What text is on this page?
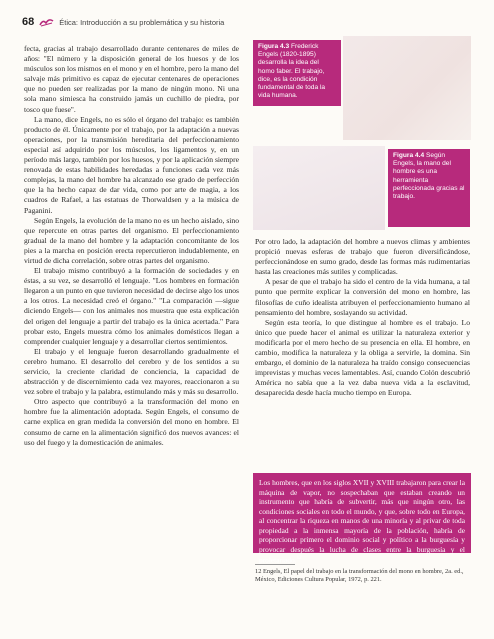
68	Ética: Introducción a su problemática y su historia

fecta, gracias al trabajo desarrollado durante centenares de miles de años: "El número y la disposición general de los huesos y de los músculos son los mismos en el mono y en el hombre, pero la mano del salvaje más primitivo es capaz de ejecutar centenares de operaciones que no pueden ser realizadas por la mano de ningún mono. Ni una sola mano simiesca ha construido jamás un cuchillo de piedra, por tosco que fuese".

La mano, dice Engels, no es sólo el órgano del trabajo: es también producto de él. Únicamente por el trabajo, por la adaptación a nuevas operaciones, por la transmisión hereditaria del perfeccionamiento especial así adquirido por los músculos, los ligamentos y, en un período más largo, también por los huesos, y por la aplicación siempre renovada de estas habilidades heredadas a funciones cada vez más complejas, la mano del hombre ha alcanzado ese grado de perfección que la ha hecho capaz de dar vida, como por arte de magia, a los cuadros de Rafael, a las estatuas de Thorwaldsen y a la música de Paganini.

Según Engels, la evolución de la mano no es un hecho aislado, sino que repercute en otras partes del organismo. El perfeccionamiento gradual de la mano del hombre y la adaptación concomitante de los pies a la marcha en posición erecta repercutieron indudablemente, en virtud de dicha correlación, sobre otras partes del organismo.

El trabajo mismo contribuyó a la formación de sociedades y en éstas, a su vez, se desarrolló el lenguaje. "Los hombres en formación llegaron a un punto en que tuvieron necesidad de decirse algo los unos a los otros. La necesidad creó el órgano." "La comparación —sigue diciendo Engels— con los animales nos muestra que esta explicación del origen del lenguaje a partir del trabajo es la única acertada." Para probar esto, Engels muestra cómo los animales domésticos llegan a comprender cualquier lenguaje y a desarrollar ciertos sentimientos.

El trabajo y el lenguaje fueron desarrollando gradualmente el cerebro humano. El desarrollo del cerebro y de los sentidos a su servicio, la creciente claridad de conciencia, la capacidad de abstracción y de discernimiento cada vez mayores, reaccionaron a su vez sobre el trabajo y la palabra, estimulando más y más su desarrollo.

Otro aspecto que contribuyó a la transformación del mono en hombre fue la alimentación adoptada. Según Engels, el consumo de carne explica en gran medida la conversión del mono en hombre. El consumo de carne en la alimentación significó dos nuevos avances: el uso del fuego y la domesticación de animales.

Figura 4.3 Frederick Engels (1820-1895) desarrolla la idea del homo faber. El trabajo, dice, es la condición fundamental de toda la vida humana.
Figura 4.4 Según Engels, la mano del hombre es una herramienta perfeccionada gracias al trabajo.

Por otro lado, la adaptación del hombre a nuevos climas y ambientes propició nuevas esferas de trabajo que fueron diversificándose, perfeccionándose en sumo grado, desde las formas más rudimentarias hasta las creaciones más sutiles y complicadas.

A pesar de que el trabajo ha sido el centro de la vida humana, a tal punto que permite explicar la conversión del mono en hombre, las filosofías de cuño idealista atribuyen el perfeccionamiento humano al pensamiento del hombre, soslayando su actividad.

Según esta teoría, lo que distingue al hombre es el trabajo. Lo único que puede hacer el animal es utilizar la naturaleza exterior y modificarla por el mero hecho de su presencia en ella. El hombre, en cambio, modifica la naturaleza y la obliga a servirle, la domina. Sin embargo, el dominio de la naturaleza ha traído consigo consecuencias imprevistas y muchas veces lamentables. Así, cuando Colón descubrió América no sabía que a la vez daba nueva vida a la esclavitud, desaparecida desde hacía mucho tiempo en Europa.

Los hombres, que en los siglos XVII y XVIII trabajaron para crear la máquina de vapor, no sospechaban que estaban creando un instrumento que habría de subvertir, más que ningún otro, las condiciones sociales en todo el mundo, y que, sobre todo en Europa, al concentrar la riqueza en manos de una minoría y al privar de toda propiedad a la inmensa mayoría de la población, habría de proporcionar primero el dominio social y político a la burguesía y provocar después la lucha de clases entre la burguesía y el proletariado.$^{12}$
12 Engels, El papel del trabajo en la transformación del mono en hombre, 2a. ed., México, Ediciones Cultura Popular, 1972, p. 221.
